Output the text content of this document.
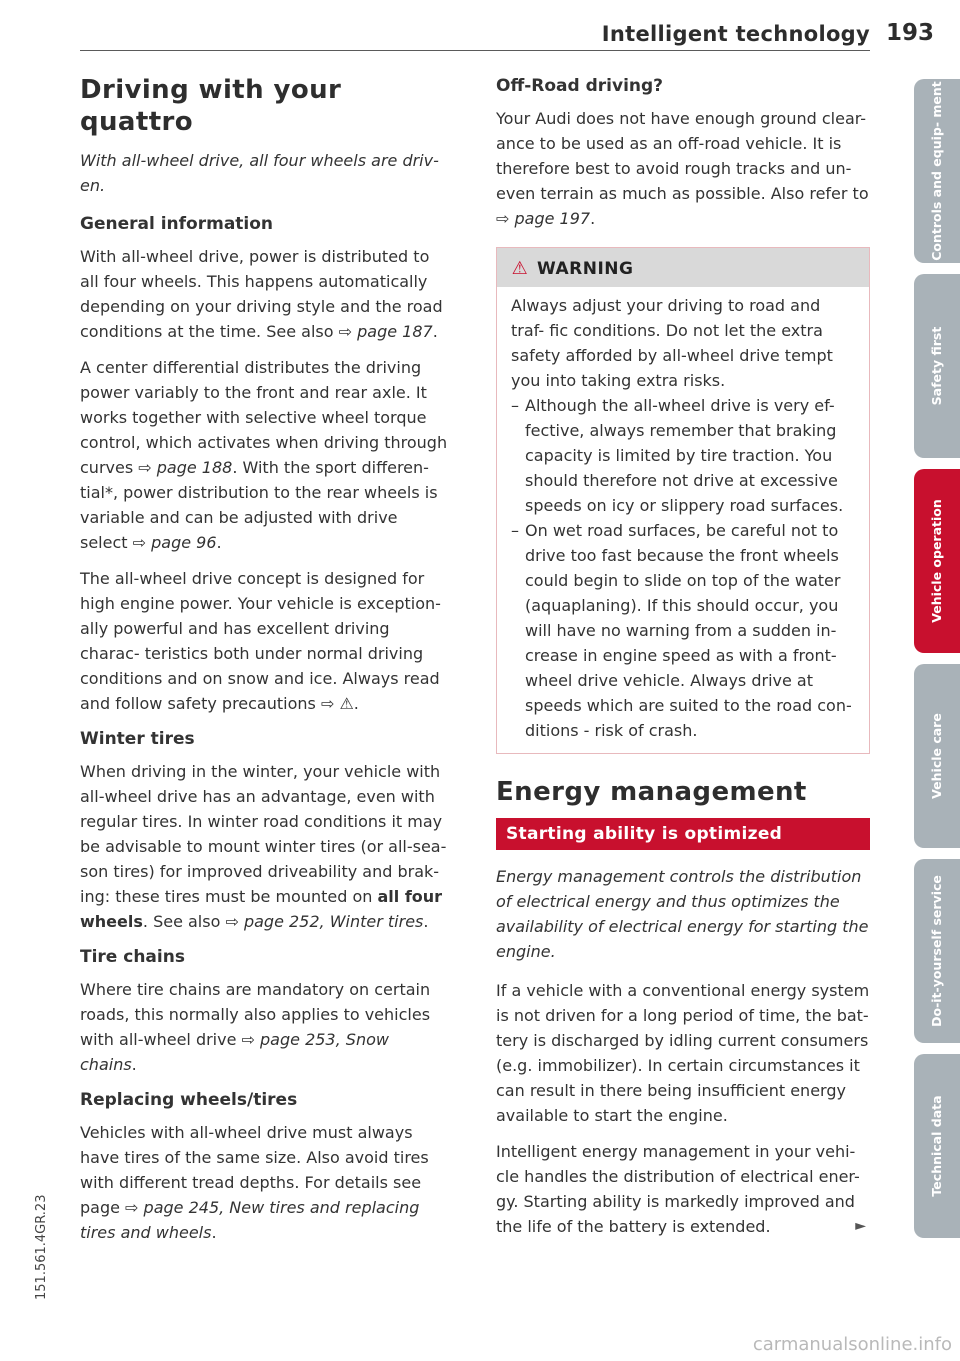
Intelligent technology 193
Driving with your quattro

With all-wheel drive, all four wheels are driv- en.

General information

With all-wheel drive, power is distributed to all four wheels. This happens automatically depending on your driving style and the road conditions at the time. See also ⇨ page 187.

A center differential distributes the driving power variably to the front and rear axle. It works together with selective wheel torque control, which activates when driving through curves ⇨ page 188. With the sport differen- tial*, power distribution to the rear wheels is variable and can be adjusted with drive select ⇨ page 96.

The all-wheel drive concept is designed for high engine power. Your vehicle is exception- ally powerful and has excellent driving charac- teristics both under normal driving conditions and on snow and ice. Always read and follow safety precautions ⇨ ⚠.

Winter tires

When driving in the winter, your vehicle with all-wheel drive has an advantage, even with regular tires. In winter road conditions it may be advisable to mount winter tires (or all-sea- son tires) for improved driveability and brak- ing: these tires must be mounted on all four wheels. See also ⇨ page 252, Winter tires.

Tire chains

Where tire chains are mandatory on certain roads, this normally also applies to vehicles with all-wheel drive ⇨ page 253, Snow chains.

Replacing wheels/tires

Vehicles with all-wheel drive must always have tires of the same size. Also avoid tires with different tread depths. For details see page ⇨ page 245, New tires and replacing tires and wheels.

Off-Road driving?

Your Audi does not have enough ground clear- ance to be used as an off-road vehicle. It is therefore best to avoid rough tracks and un- even terrain as much as possible. Also refer to ⇨ page 197.

⚠ WARNING

Always adjust your driving to road and traf- fic conditions. Do not let the extra safety afforded by all-wheel drive tempt you into taking extra risks.

– Although the all-wheel drive is very ef- fective, always remember that braking capacity is limited by tire traction. You should therefore not drive at excessive speeds on icy or slippery road surfaces.
– On wet road surfaces, be careful not to drive too fast because the front wheels could begin to slide on top of the water (aquaplaning). If this should occur, you will have no warning from a sudden in- crease in engine speed as with a front- wheel drive vehicle. Always drive at speeds which are suited to the road con- ditions - risk of crash.
Energy management
Starting ability is optimized

Energy management controls the distribution of electrical energy and thus optimizes the availability of electrical energy for starting the engine.

If a vehicle with a conventional energy system is not driven for a long period of time, the bat- tery is discharged by idling current consumers (e.g. immobilizer). In certain circumstances it can result in there being insufficient energy available to start the engine.

Intelligent energy management in your vehi- cle handles the distribution of electrical ener- gy. Starting ability is markedly improved and the life of the battery is extended.	►

Controls and equip- ment
Safety first
Vehicle operation
Vehicle care
Do-it-yourself service
Technical data
151.561.4GR.23
carmanualsonline.info
